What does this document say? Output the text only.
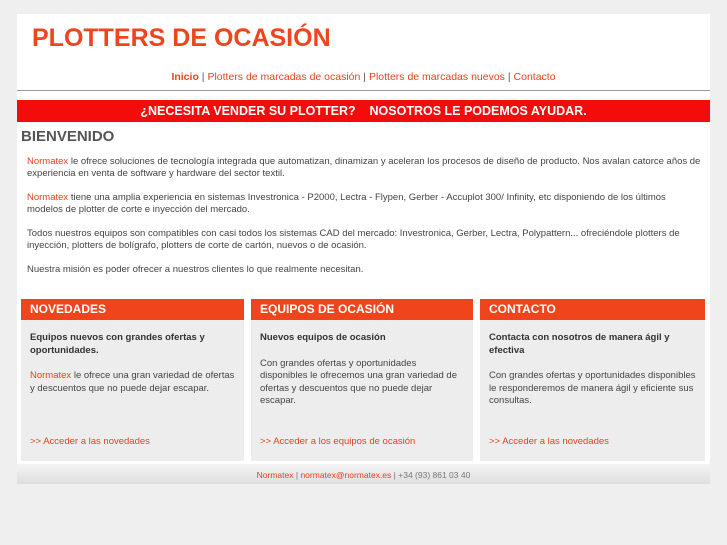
PLOTTERS DE OCASIÓN
Inicio | Plotters de marcadas de ocasión | Plotters de marcadas nuevos | Contacto
¿NECESITA VENDER SU PLOTTER?    NOSOTROS LE PODEMOS AYUDAR.
BIENVENIDO

Normatex le ofrece soluciones de tecnología integrada que automatizan, dinamizan y aceleran los procesos de diseño de producto. Nos avalan catorce años de experiencia en venta de software y hardware del sector textil.

Normatex tiene una amplia experiencia en sistemas Investronica - P2000, Lectra - Flypen, Gerber - Accuplot 300/ Infinity, etc disponiendo de los últimos modelos de plotter de corte e inyección del mercado.

Todos nuestros equipos son compatibles con casi todos los sistemas CAD del mercado: Investronica, Gerber, Lectra, Polypattern... ofreciéndole plotters de inyección, plotters de bolígrafo, plotters de corte de cartón, nuevos o de ocasión.

Nuestra misión es poder ofrecer a nuestros clientes lo que realmente necesitan.

NOVEDADES

Equipos nuevos con grandes ofertas y oportunidades.

Normatex le ofrece una gran variedad de ofertas y descuentos que no puede dejar escapar.

>> Acceder a las novedades
EQUIPOS DE OCASIÓN

Nuevos equipos de ocasión

Con grandes ofertas y oportunidades disponibles le ofrecemos una gran variedad de ofertas y descuentos que no puede dejar escapar.

>> Acceder a los equipos de ocasión
CONTACTO

Contacta con nosotros de manera ágil y efectiva

Con grandes ofertas y oportunidades disponibles le responderemos de manera ágil y eficiente sus consultas.

>> Acceder a las novedades
Normatex | normatex@normatex.es | +34 (93) 861 03 40
